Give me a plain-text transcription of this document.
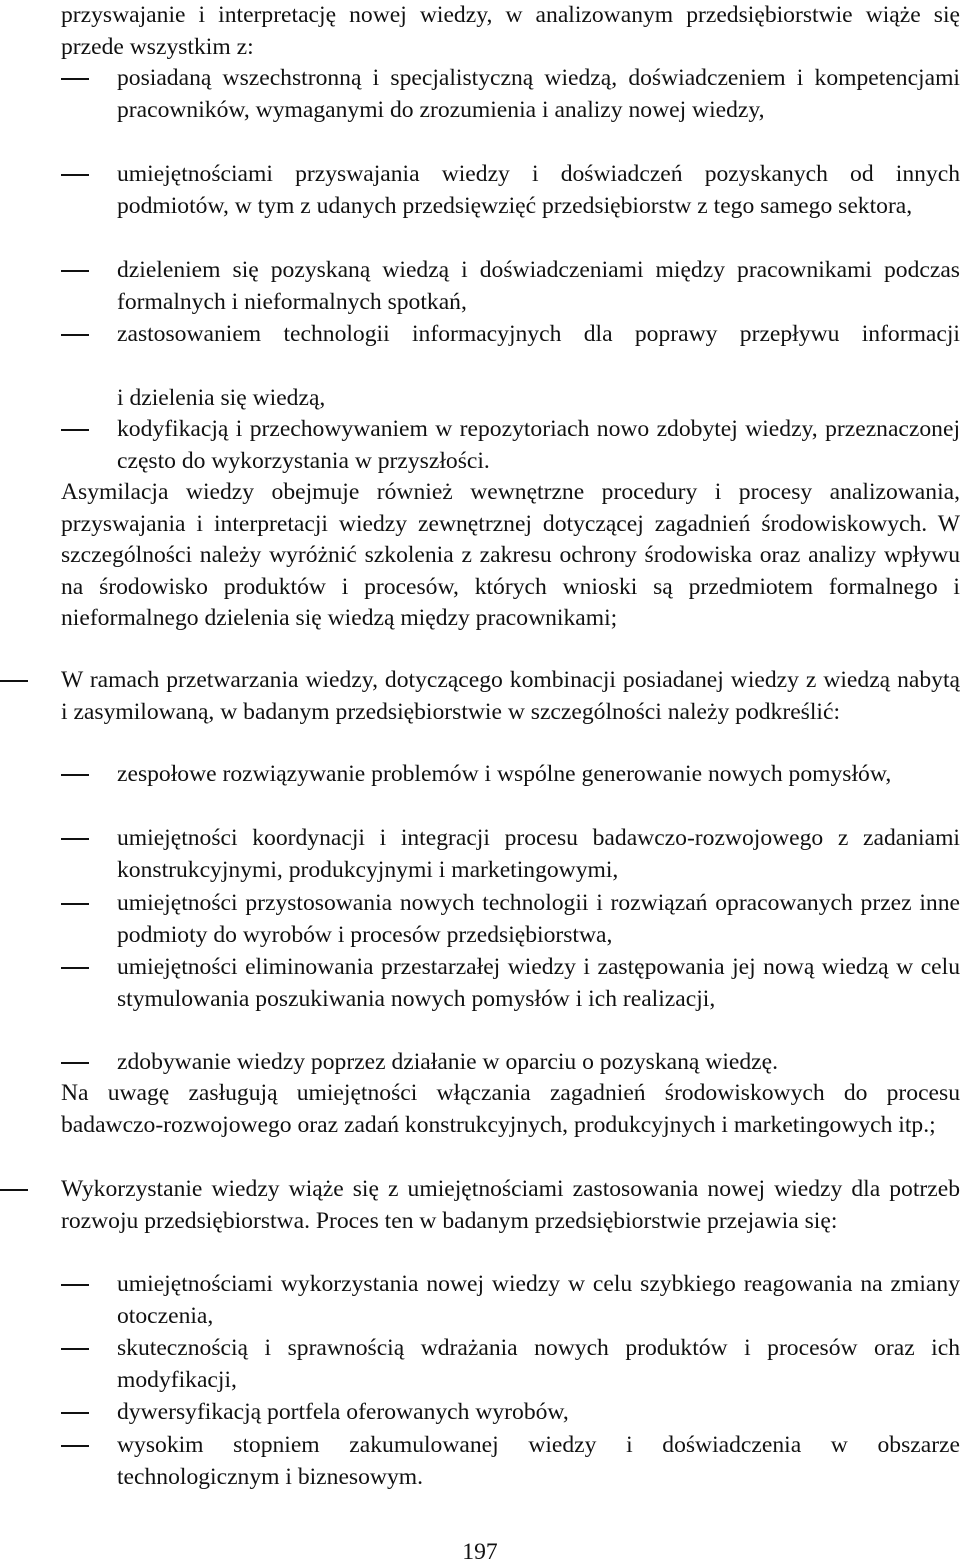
przyswajanie i interpretację nowej wiedzy, w analizowanym przedsiębiorstwie wiąże się przede wszystkim z:
posiadaną wszechstronną i specjalistyczną wiedzą, doświadczeniem i kompetencjami pracowników, wymaganymi do zrozumienia i analizy nowej wiedzy,
umiejętnościami przyswajania wiedzy i doświadczeń pozyskanych od innych podmiotów, w tym z udanych przedsięwzięć przedsiębiorstw z tego samego sektora,
dzieleniem się pozyskaną wiedzą i doświadczeniami między pracownikami podczas formalnych i nieformalnych spotkań,
zastosowaniem technologii informacyjnych dla poprawy przepływu informacji
i dzielenia się wiedzą,
kodyfikacją i przechowywaniem w repozytoriach nowo zdobytej wiedzy, przeznaczonej często do wykorzystania w przyszłości.
Asymilacja wiedzy obejmuje również wewnętrzne procedury i procesy analizowania, przyswajania i interpretacji wiedzy zewnętrznej dotyczącej zagadnień środowiskowych. W szczególności należy wyróżnić szkolenia z zakresu ochrony środowiska oraz analizy wpływu na środowisko produktów i procesów, których wnioski są przedmiotem formalnego i nieformalnego dzielenia się wiedzą między pracownikami;
W ramach przetwarzania wiedzy, dotyczącego kombinacji posiadanej wiedzy z wiedzą nabytą i zasymilowaną, w badanym przedsiębiorstwie w szczególności należy podkreślić:
zespołowe rozwiązywanie problemów i wspólne generowanie nowych pomysłów,
umiejętności koordynacji i integracji procesu badawczo-rozwojowego z zadaniami konstrukcyjnymi, produkcyjnymi i marketingowymi,
umiejętności przystosowania nowych technologii i rozwiązań opracowanych przez inne podmioty do wyrobów i procesów przedsiębiorstwa,
umiejętności eliminowania przestarzałej wiedzy i zastępowania jej nową wiedzą w celu stymulowania poszukiwania nowych pomysłów i ich realizacji,
zdobywanie wiedzy poprzez działanie w oparciu o pozyskaną wiedzę.
Na uwagę zasługują umiejętności włączania zagadnień środowiskowych do procesu badawczo-rozwojowego oraz zadań konstrukcyjnych, produkcyjnych i marketingowych itp.;
Wykorzystanie wiedzy wiąże się z umiejętnościami zastosowania nowej wiedzy dla potrzeb rozwoju przedsiębiorstwa. Proces ten w badanym przedsiębiorstwie przejawia się:
umiejętnościami wykorzystania nowej wiedzy w celu szybkiego reagowania na zmiany otoczenia,
skutecznością i sprawnością wdrażania nowych produktów i procesów oraz ich modyfikacji,
dywersyfikacją portfela oferowanych wyrobów,
wysokim stopniem zakumulowanej wiedzy i doświadczenia w obszarze technologicznym i biznesowym.
197
